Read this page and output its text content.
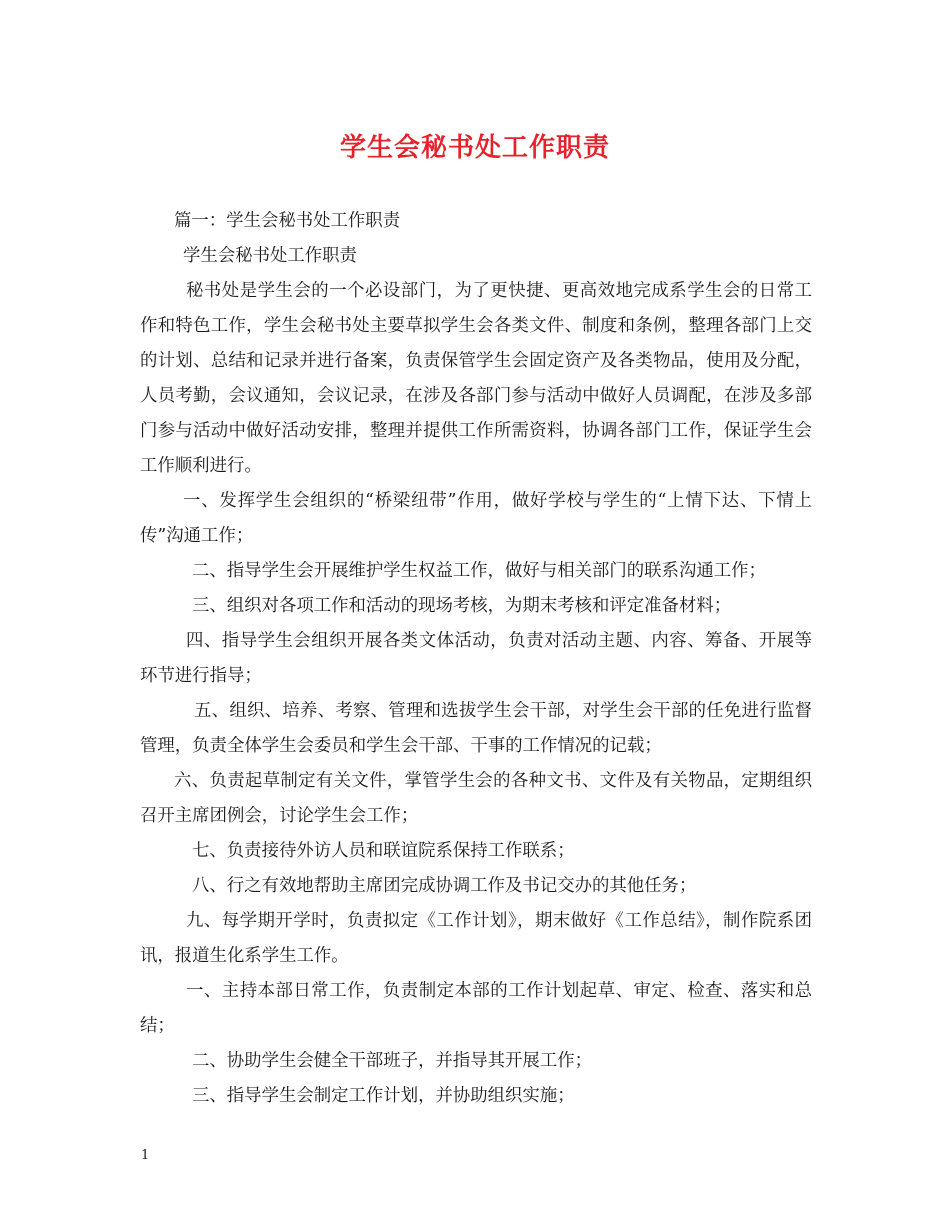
学生会秘书处工作职责

篇一：学生会秘书处工作职责

学生会秘书处工作职责

秘书处是学生会的一个必设部门，为了更快捷、更高效地完成系学生会的日常工作和特色工作，学生会秘书处主要草拟学生会各类文件、制度和条例，整理各部门上交的计划、总结和记录并进行备案，负责保管学生会固定资产及各类物品，使用及分配，人员考勤，会议通知，会议记录，在涉及各部门参与活动中做好人员调配，在涉及多部门参与活动中做好活动安排，整理并提供工作所需资料，协调各部门工作，保证学生会工作顺利进行。

一、发挥学生会组织的“桥梁纽带”作用，做好学校与学生的“上情下达、下情上传”沟通工作；

二、指导学生会开展维护学生权益工作，做好与相关部门的联系沟通工作；

三、组织对各项工作和活动的现场考核，为期末考核和评定准备材料；

四、指导学生会组织开展各类文体活动，负责对活动主题、内容、筹备、开展等环节进行指导；

五、组织、培养、考察、管理和选拔学生会干部，对学生会干部的任免进行监督管理，负责全体学生会委员和学生会干部、干事的工作情况的记载；

六、负责起草制定有关文件，掌管学生会的各种文书、文件及有关物品，定期组织召开主席团例会，讨论学生会工作；

七、负责接待外访人员和联谊院系保持工作联系；

八、行之有效地帮助主席团完成协调工作及书记交办的其他任务；

九、每学期开学时，负责拟定《工作计划》，期末做好《工作总结》，制作院系团讯，报道生化系学生工作。

一、主持本部日常工作，负责制定本部的工作计划起草、审定、检查、落实和总结；

二、协助学生会健全干部班子，并指导其开展工作；

三、指导学生会制定工作计划，并协助组织实施；

1
